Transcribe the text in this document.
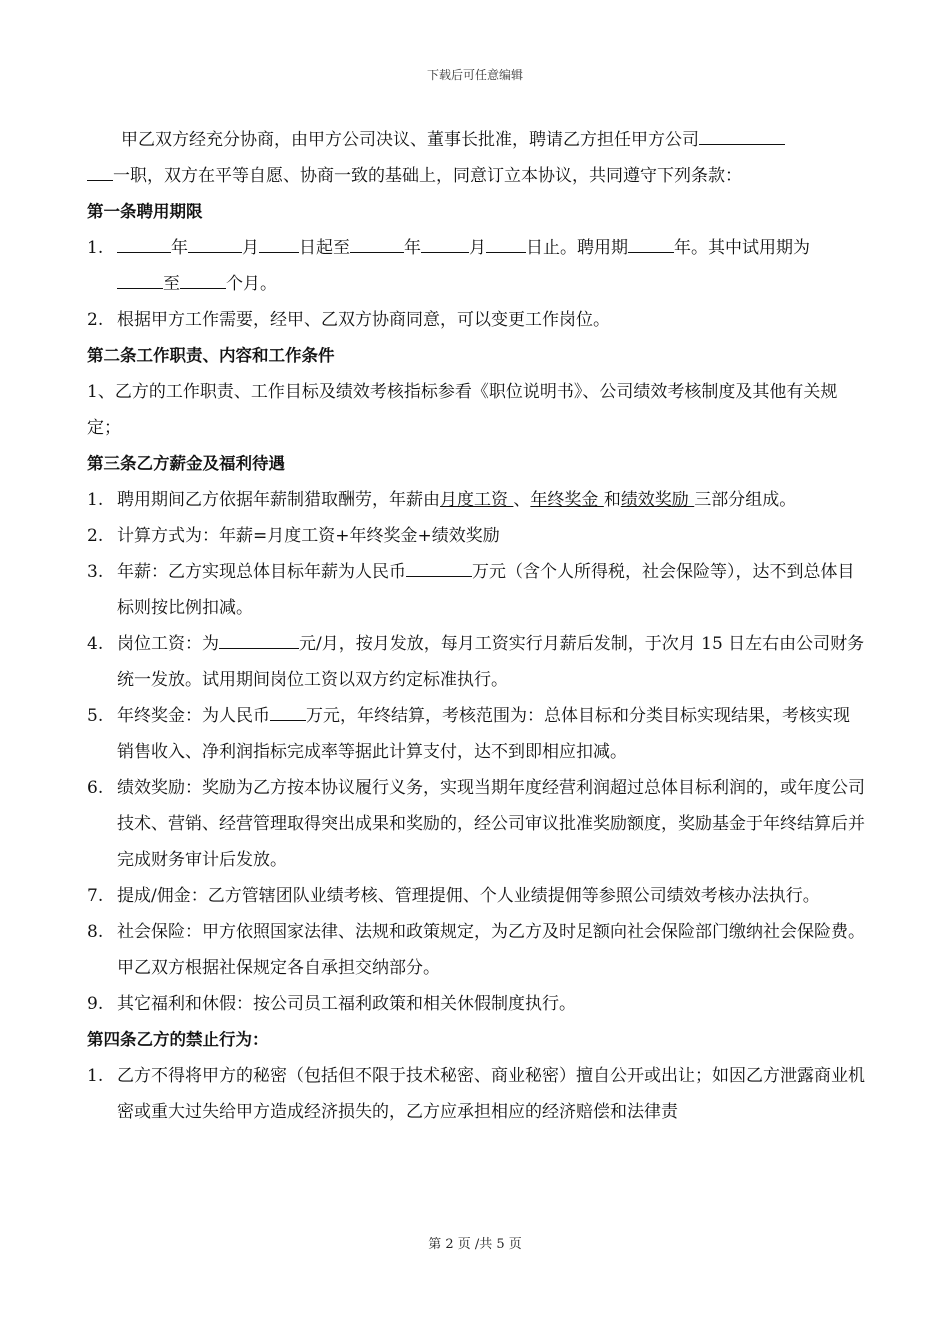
下载后可任意编辑

甲乙双方经充分协商，由甲方公司决议、董事长批准，聘请乙方担任甲方公司
一职，双方在平等自愿、协商一致的基础上，同意订立本协议，共同遵守下列条款：

第一条聘用期限

1.	年	月 日起至	年	月 日止。聘用期	年。其中试用期为
至	个月。
2. 根据甲方工作需要，经甲、乙双方协商同意，可以变更工作岗位。

第二条工作职责、内容和工作条件

1、乙方的工作职责、工作目标及绩效考核指标参看《职位说明书》、公司绩效考核制度及其他有关规定；

第三条乙方薪金及福利待遇

1. 聘用期间乙方依据年薪制猎取酬劳，年薪由月度工资 、年终奖金 和绩效奖励 三部分组成。
2. 计算方式为：年薪=月度工资+年终奖金+绩效奖励
3. 年薪：乙方实现总体目标年薪为人民币	万元（含个人所得税，社会保险等），达不到总体目标则按比例扣减。
4. 岗位工资：为	元/月，按月发放，每月工资实行月薪后发制，于次月 15 日左右由公司财务统一发放。试用期间岗位工资以双方约定标准执行。
5. 年终奖金：为人民币 万元，年终结算，考核范围为：总体目标和分类目标实现结果，考核实现销售收入、净利润指标完成率等据此计算支付，达不到即相应扣减。
6. 绩效奖励：奖励为乙方按本协议履行义务，实现当期年度经营利润超过总体目标利润的，或年度公司技术、营销、经营管理取得突出成果和奖励的，经公司审议批准奖励额度，奖励基金于年终结算后并完成财务审计后发放。
7. 提成/佣金：乙方管辖团队业绩考核、管理提佣、个人业绩提佣等参照公司绩效考核办法执行。
8. 社会保险：甲方依照国家法律、法规和政策规定，为乙方及时足额向社会保险部门缴纳社会保险费。甲乙双方根据社保规定各自承担交纳部分。
9. 其它福利和休假：按公司员工福利政策和相关休假制度执行。

第四条乙方的禁止行为：

1. 乙方不得将甲方的秘密（包括但不限于技术秘密、商业秘密）擅自公开或出让；如因乙方泄露商业机密或重大过失给甲方造成经济损失的，乙方应承担相应的经济赔偿和法律责
第 2 页 /共 5 页
